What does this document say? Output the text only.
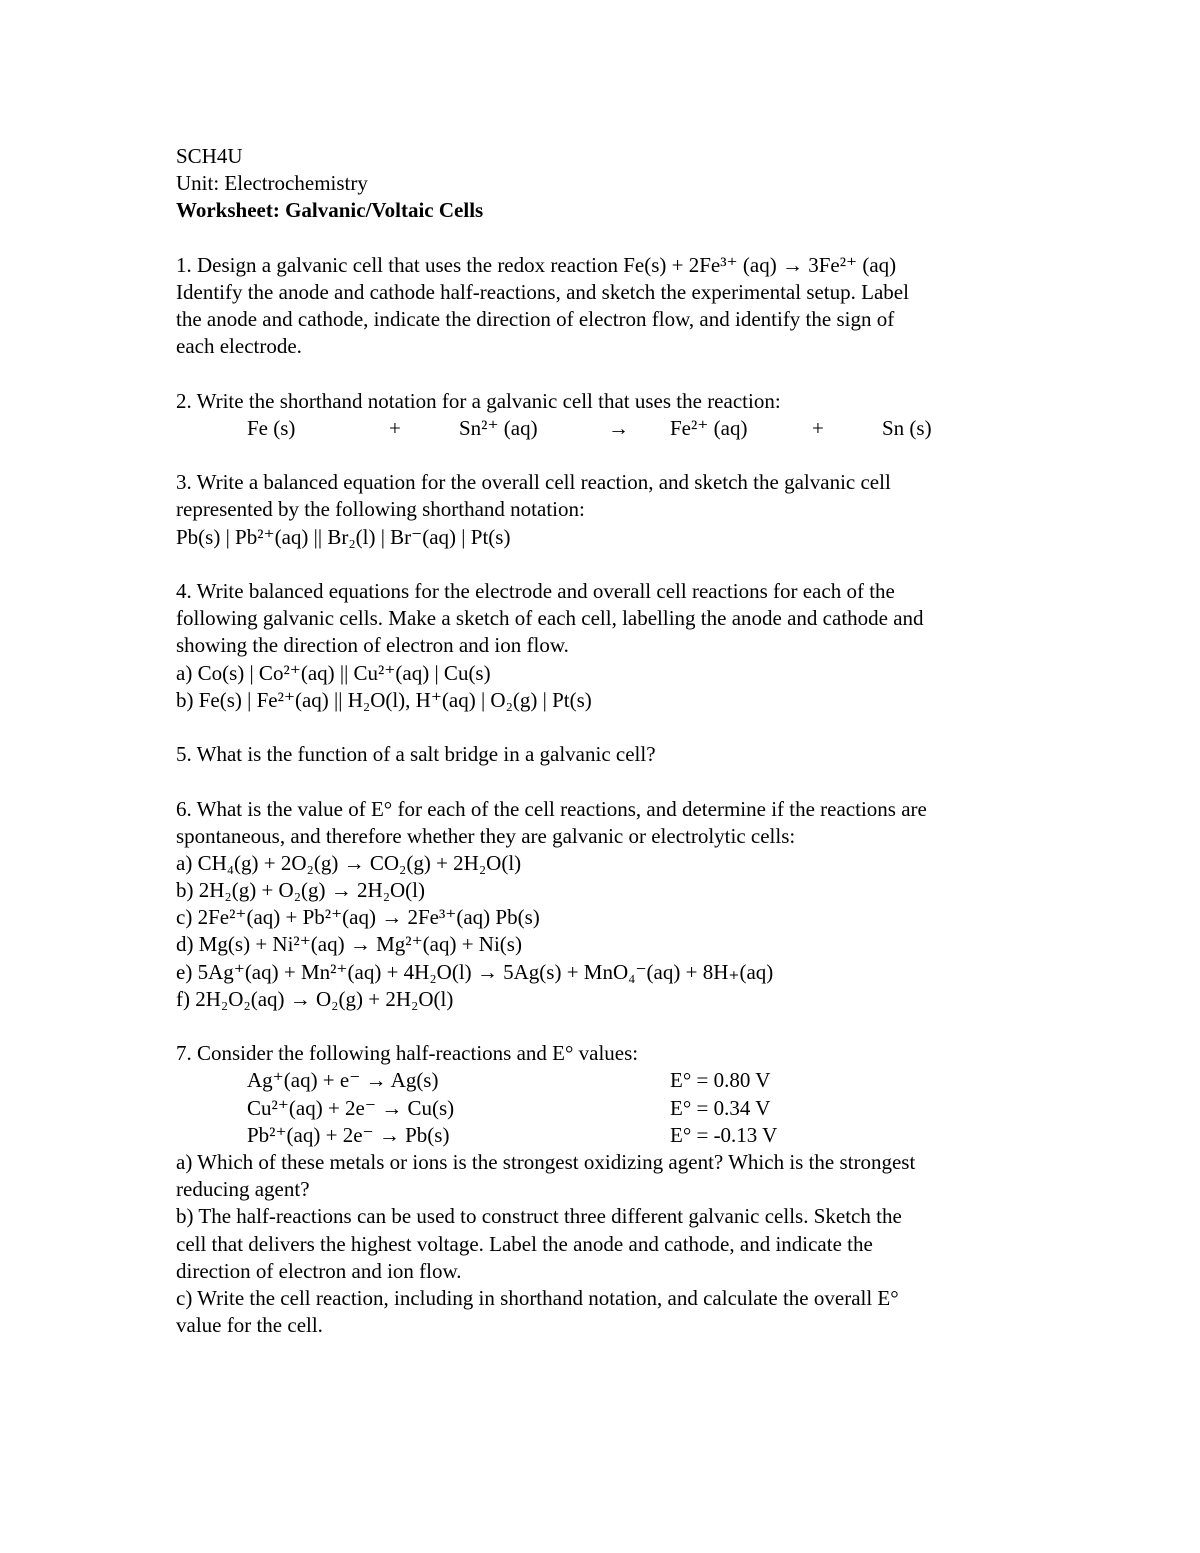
SCH4U
Unit: Electrochemistry
Worksheet: Galvanic/Voltaic Cells
1. Design a galvanic cell that uses the redox reaction Fe(s) + 2Fe³⁺ (aq) → 3Fe²⁺ (aq)
Identify the anode and cathode half-reactions, and sketch the experimental setup. Label
the anode and cathode, indicate the direction of electron flow, and identify the sign of
each electrode.
2. Write the shorthand notation for a galvanic cell that uses the reaction:
Fe (s)	+	Sn²⁺ (aq)	→ Fe²⁺ (aq)	+	Sn (s)
3. Write a balanced equation for the overall cell reaction, and sketch the galvanic cell
represented by the following shorthand notation:
Pb(s) | Pb²⁺(aq) || Br₂(l) | Br⁻(aq) | Pt(s)
4. Write balanced equations for the electrode and overall cell reactions for each of the
following galvanic cells. Make a sketch of each cell, labelling the anode and cathode and
showing the direction of electron and ion flow.
a) Co(s) | Co²⁺(aq) || Cu²⁺(aq) | Cu(s)
b) Fe(s) | Fe²⁺(aq) || H₂O(l), H⁺(aq) | O₂(g) | Pt(s)
5. What is the function of a salt bridge in a galvanic cell?
6. What is the value of E° for each of the cell reactions, and determine if the reactions are
spontaneous, and therefore whether they are galvanic or electrolytic cells:
a) CH₄(g) + 2O₂(g) → CO₂(g) + 2H₂O(l)
b) 2H₂(g) + O₂(g) → 2H₂O(l)
c) 2Fe²⁺(aq) + Pb²⁺(aq) → 2Fe³⁺(aq) Pb(s)
d) Mg(s) + Ni²⁺(aq) → Mg²⁺(aq) + Ni(s)
e) 5Ag⁺(aq) + Mn²⁺(aq) + 4H₂O(l) → 5Ag(s) + MnO₄⁻(aq) + 8H₊(aq)
f) 2H₂O₂(aq) → O₂(g) + 2H₂O(l)
7. Consider the following half-reactions and E° values:
Ag⁺(aq) + e⁻ → Ag(s)	E° = 0.80 V
Cu²⁺(aq) + 2e⁻ → Cu(s)	E° = 0.34 V
Pb²⁺(aq) + 2e⁻ → Pb(s)	E° = -0.13 V
a) Which of these metals or ions is the strongest oxidizing agent? Which is the strongest
reducing agent?
b) The half-reactions can be used to construct three different galvanic cells. Sketch the
cell that delivers the highest voltage. Label the anode and cathode, and indicate the
direction of electron and ion flow.
c) Write the cell reaction, including in shorthand notation, and calculate the overall E°
value for the cell.
